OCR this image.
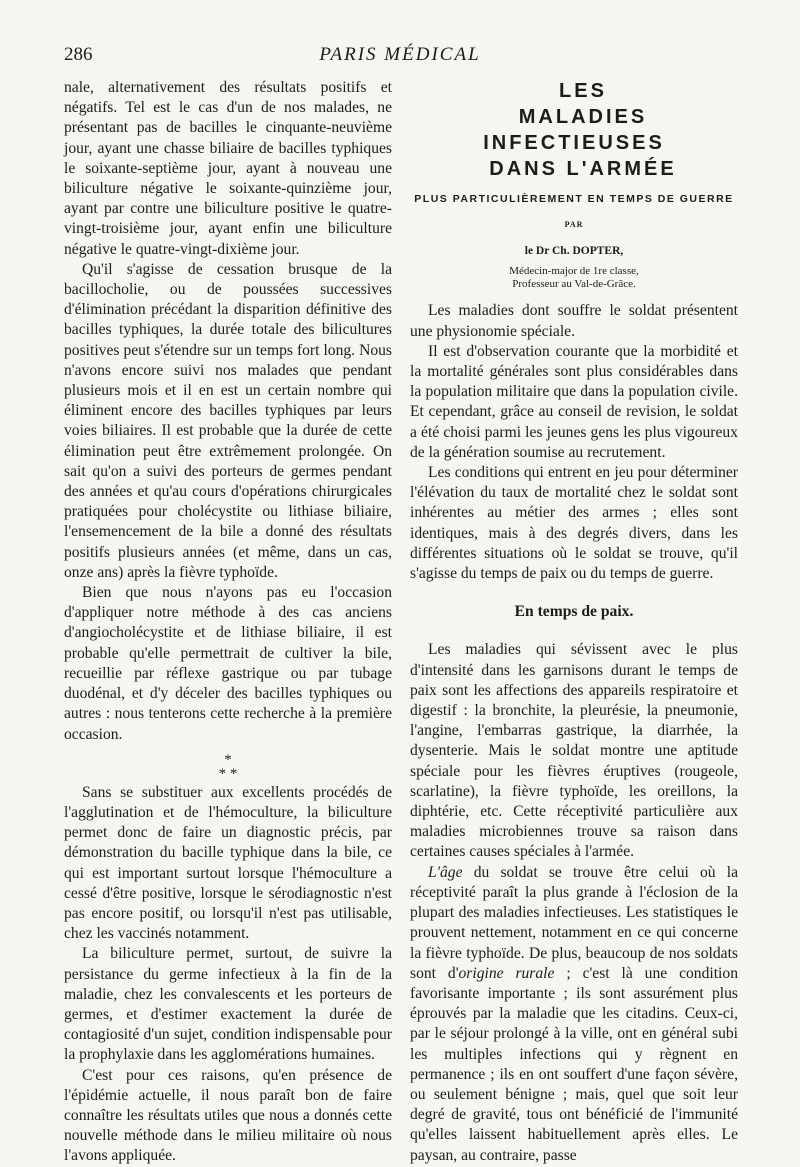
286	PARIS MÉDICAL

nale, alternativement des résultats positifs et négatifs. Tel est le cas d'un de nos malades, ne présentant pas de bacilles le cinquante-neuvième jour, ayant une chasse biliaire de bacilles typhiques le soixante-septième jour, ayant à nouveau une biliculture négative le soixante-quinzième jour, ayant par contre une biliculture positive le quatre-vingt-troisième jour, ayant enfin une biliculture négative le quatre-vingt-dixième jour.

Qu'il s'agisse de cessation brusque de la bacillocholie, ou de poussées successives d'élimination précédant la disparition définitive des bacilles typhiques, la durée totale des bilicultures positives peut s'étendre sur un temps fort long. Nous n'avons encore suivi nos malades que pendant plusieurs mois et il en est un certain nombre qui éliminent encore des bacilles typhiques par leurs voies biliaires. Il est probable que la durée de cette élimination peut être extrêmement prolongée. On sait qu'on a suivi des porteurs de germes pendant des années et qu'au cours d'opérations chirurgicales pratiquées pour cholécystite ou lithiase biliaire, l'ensemencement de la bile a donné des résultats positifs plusieurs années (et même, dans un cas, onze ans) après la fièvre typhoïde.

Bien que nous n'ayons pas eu l'occasion d'appliquer notre méthode à des cas anciens d'angiocholécystite et de lithiase biliaire, il est probable qu'elle permettrait de cultiver la bile, recueillie par réflexe gastrique ou par tubage duodénal, et d'y déceler des bacilles typhiques ou autres : nous tenterons cette recherche à la première occasion.

*
* *

Sans se substituer aux excellents procédés de l'agglutination et de l'hémoculture, la biliculture permet donc de faire un diagnostic précis, par démonstration du bacille typhique dans la bile, ce qui est important surtout lorsque l'hémoculture a cessé d'être positive, lorsque le sérodiagnostic n'est pas encore positif, ou lorsqu'il n'est pas utilisable, chez les vaccinés notamment.

La biliculture permet, surtout, de suivre la persistance du germe infectieux à la fin de la maladie, chez les convalescents et les porteurs de germes, et d'estimer exactement la durée de contagiosité d'un sujet, condition indispensable pour la prophylaxie dans les agglomérations humaines.

C'est pour ces raisons, qu'en présence de l'épidémie actuelle, il nous paraît bon de faire connaître les résultats utiles que nous a donnés cette nouvelle méthode dans le milieu militaire où nous l'avons appliquée.

LES

MALADIES INFECTIEUSES

DANS L'ARMÉE

PLUS PARTICULIÈREMENT EN TEMPS DE GUERRE
PAR
le Dr Ch. DOPTER,
Médecin-major de 1re classe,
Professeur au Val-de-Grâce.

Les maladies dont souffre le soldat présentent une physionomie spéciale.

Il est d'observation courante que la morbidité et la mortalité générales sont plus considérables dans la population militaire que dans la population civile. Et cependant, grâce au conseil de revision, le soldat a été choisi parmi les jeunes gens les plus vigoureux de la génération soumise au recrutement.

Les conditions qui entrent en jeu pour déterminer l'élévation du taux de mortalité chez le soldat sont inhérentes au métier des armes ; elles sont identiques, mais à des degrés divers, dans les différentes situations où le soldat se trouve, qu'il s'agisse du temps de paix ou du temps de guerre.

En temps de paix.

Les maladies qui sévissent avec le plus d'intensité dans les garnisons durant le temps de paix sont les affections des appareils respiratoire et digestif : la bronchite, la pleurésie, la pneumonie, l'angine, l'embarras gastrique, la diarrhée, la dysenterie. Mais le soldat montre une aptitude spéciale pour les fièvres éruptives (rougeole, scarlatine), la fièvre typhoïde, les oreillons, la diphtérie, etc. Cette réceptivité particulière aux maladies microbiennes trouve sa raison dans certaines causes spéciales à l'armée.

L'âge du soldat se trouve être celui où la réceptivité paraît la plus grande à l'éclosion de la plupart des maladies infectieuses. Les statistiques le prouvent nettement, notamment en ce qui concerne la fièvre typhoïde. De plus, beaucoup de nos soldats sont d'origine rurale ; c'est là une condition favorisante importante ; ils sont assurément plus éprouvés par la maladie que les citadins. Ceux-ci, par le séjour prolongé à la ville, ont en général subi les multiples infections qui y règnent en permanence ; ils en ont souffert d'une façon sévère, ou seulement bénigne ; mais, quel que soit leur degré de gravité, tous ont bénéficié de l'immunité qu'elles laissent habituellement après elles. Le paysan, au contraire, passe
